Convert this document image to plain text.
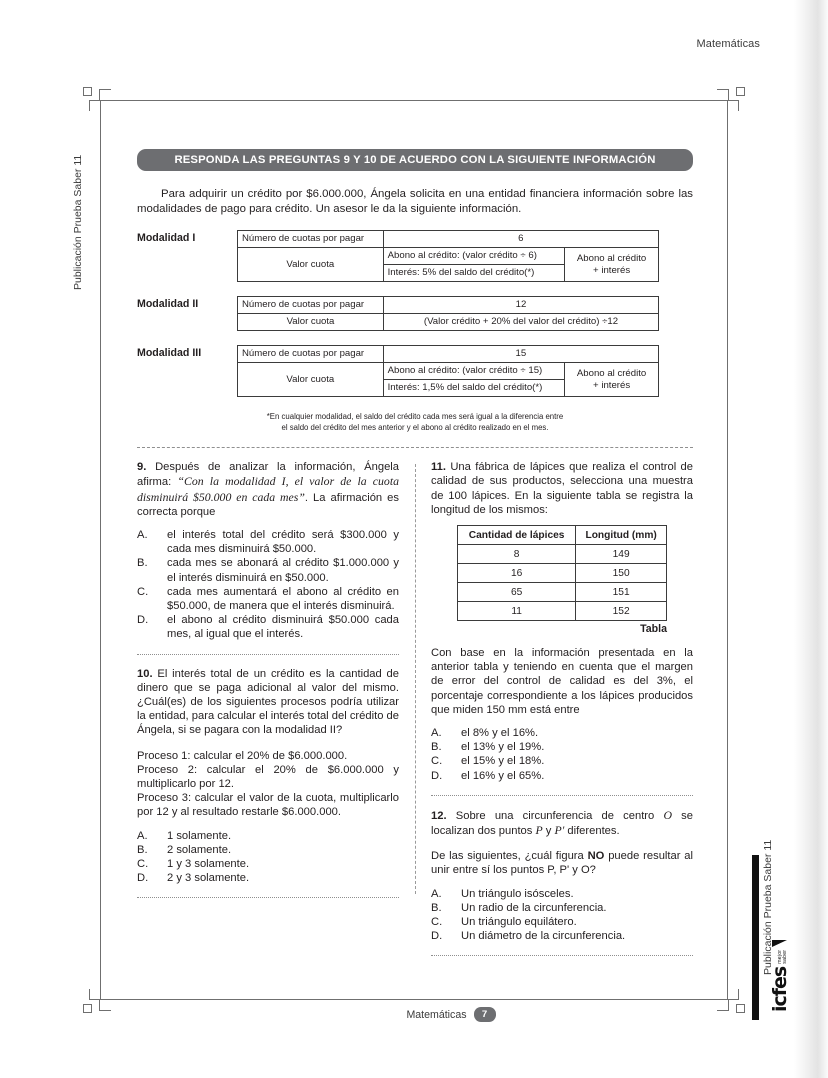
Matemáticas
Publicación Prueba Saber 11
Publicación Prueba Saber 11
icfes
mejor saber
RESPONDA LAS PREGUNTAS 9 Y 10 DE ACUERDO CON LA SIGUIENTE INFORMACIÓN

Para adquirir un crédito por $6.000.000, Ángela solicita en una entidad financiera información sobre las modalidades de pago para crédito. Un asesor le da la siguiente información.

Modalidad I	Número de cuotas por pagar	6	
Valor cuota	Abono al crédito: (valor crédito ÷ 6)	Abono al crédito
+ interés
	Interés: 5% del saldo del crédito(*)	
Modalidad II	Número de cuotas por pagar	12
Valor cuota	(Valor crédito + 20% del valor del crédito) ÷12
Modalidad III	Número de cuotas por pagar	15	
Valor cuota	Abono al crédito: (valor crédito ÷ 15)	Abono al crédito
+ interés
	Interés: 1,5% del saldo del crédito(*)	

*En cualquier modalidad, el saldo del crédito cada mes será igual a la diferencia entre
el saldo del crédito del mes anterior y el abono al crédito realizado en el mes.

9. Después de analizar la información, Ángela afirma: “Con la modalidad I, el valor de la cuota disminuirá $50.000 en cada mes”. La afirmación es correcta porque

A.	el interés total del crédito será $300.000 y cada mes disminuirá $50.000.
B.	cada mes se abonará al crédito $1.000.000 y el interés disminuirá en $50.000.
C.	cada mes aumentará el abono al crédito en $50.000, de manera que el interés disminuirá.
D.	el abono al crédito disminuirá $50.000 cada mes, al igual que el interés.

10. El interés total de un crédito es la cantidad de dinero que se paga adicional al valor del mismo. ¿Cuál(es) de los siguientes procesos podría utilizar la entidad, para calcular el interés total del crédito de Ángela, si se pagara con la modalidad II?

Proceso 1: calcular el 20% de $6.000.000.
Proceso 2: calcular el 20% de $6.000.000 y multiplicarlo por 12.
Proceso 3: calcular el valor de la cuota, multiplicarlo por 12 y al resultado restarle $6.000.000.
A.	1 solamente.
B.	2 solamente.
C.	1 y 3 solamente.
D.	2 y 3 solamente.

11. Una fábrica de lápices que realiza el control de calidad de sus productos, selecciona una muestra de 100 lápices. En la siguiente tabla se registra la longitud de los mismos:

Cantidad de lápices	Longitud (mm)
8	149
16	150
65	151
11	152
Tabla
Con base en la información presentada en la anterior tabla y teniendo en cuenta que el margen de error del control de calidad es del 3%, el porcentaje correspondiente a los lápices producidos que miden 150 mm está entre
A.	el 8% y el 16%.
B.	el 13% y el 19%.
C.	el 15% y el 18%.
D.	el 16% y el 65%.

12. Sobre una circunferencia de centro O se localizan dos puntos P y P' diferentes.

De las siguientes, ¿cuál figura NO puede resultar al unir entre sí los puntos P, P' y O?
A.	Un triángulo isósceles.
B.	Un radio de la circunferencia.
C.	Un triángulo equilátero.
D.	Un diámetro de la circunferencia.
Matemáticas	7
